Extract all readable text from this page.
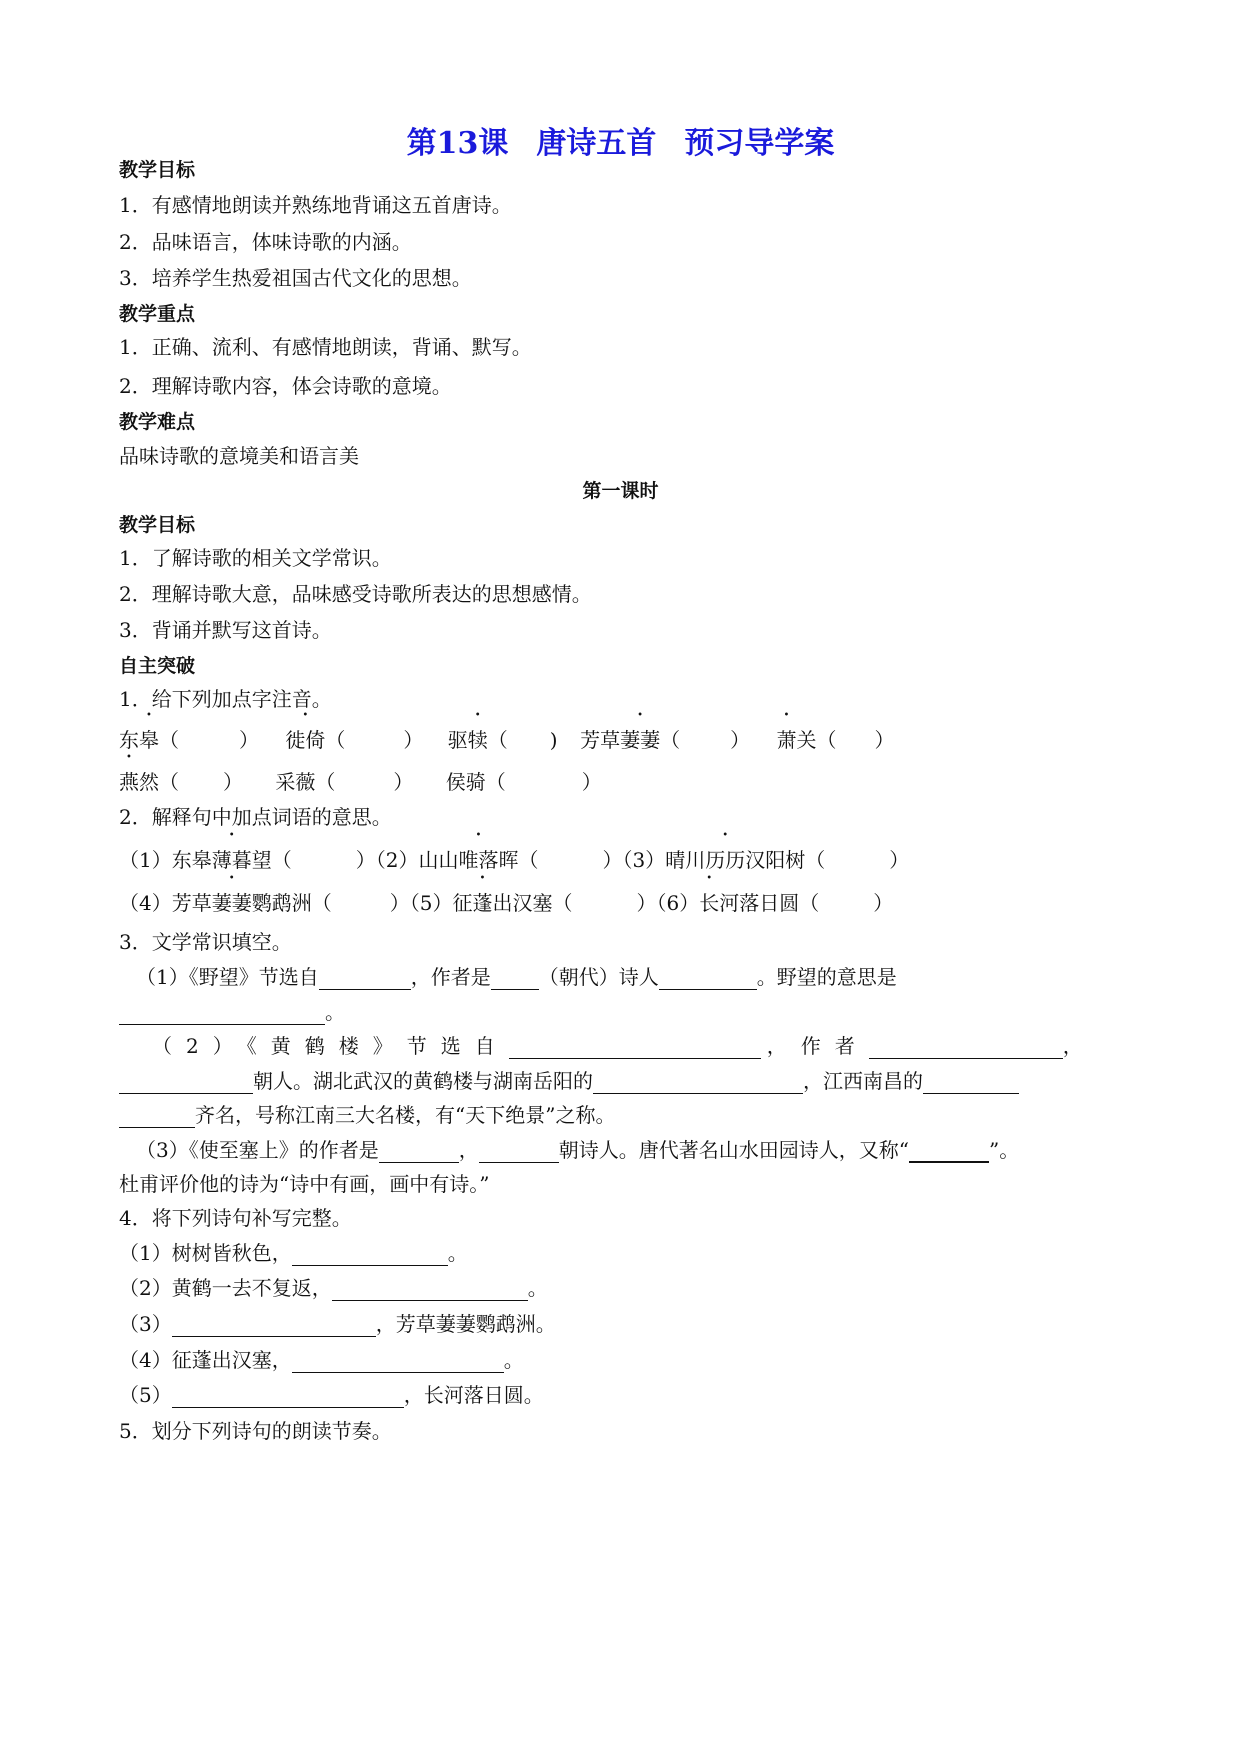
第13课 唐诗五首 预习导学案
教学目标
1．有感情地朗读并熟练地背诵这五首唐诗。
2．品味语言，体味诗歌的内涵。
3．培养学生热爱祖国古代文化的思想。
教学重点
1．正确、流利、有感情地朗读，背诵、默写。
2．理解诗歌内容，体会诗歌的意境。
教学难点
品味诗歌的意境美和语言美
第一课时
教学目标
1．了解诗歌的相关文学常识。
2．理解诗歌大意，品味感受诗歌所表达的思想感情。
3．背诵并默写这首诗。
自主突破
1．给下列加点字注音。
东皋（	） 徙倚（	） 驱犊（ ) 芳草萋萋（	） 萧关（ ）
燕然（ ） 采薇（	） 侯骑（	）
2．解释句中加点词语的意思。
（1）东皋薄暮望（	）（2）山山唯落晖（	）（3）晴川历历汉阳树（	）
（4）芳草萋萋鹦鹉洲（	）（5）征蓬出汉塞（	）（6）长河落日圆（	）
3．文学常识填空。
（1）《野望》节选自	，作者是 （朝代）诗人	。野望的意思是
。
（2）《黄鹤楼》节选自	，作者	，
朝人。湖北武汉的黄鹤楼与湖南岳阳的	，江西南昌的
齐名，号称江南三大名楼，有“天下绝景”之称。
（3）《使至塞上》的作者是	，	朝诗人。唐代著名山水田园诗人，又称“	”。
杜甫评价他的诗为“诗中有画，画中有诗。”
4．将下列诗句补写完整。
（1）树树皆秋色，	。
（2）黄鹤一去不复返，	。
（3）	，芳草萋萋鹦鹉洲。
（4）征蓬出汉塞，	。
（5）	，长河落日圆。
5．划分下列诗句的朗读节奏。
